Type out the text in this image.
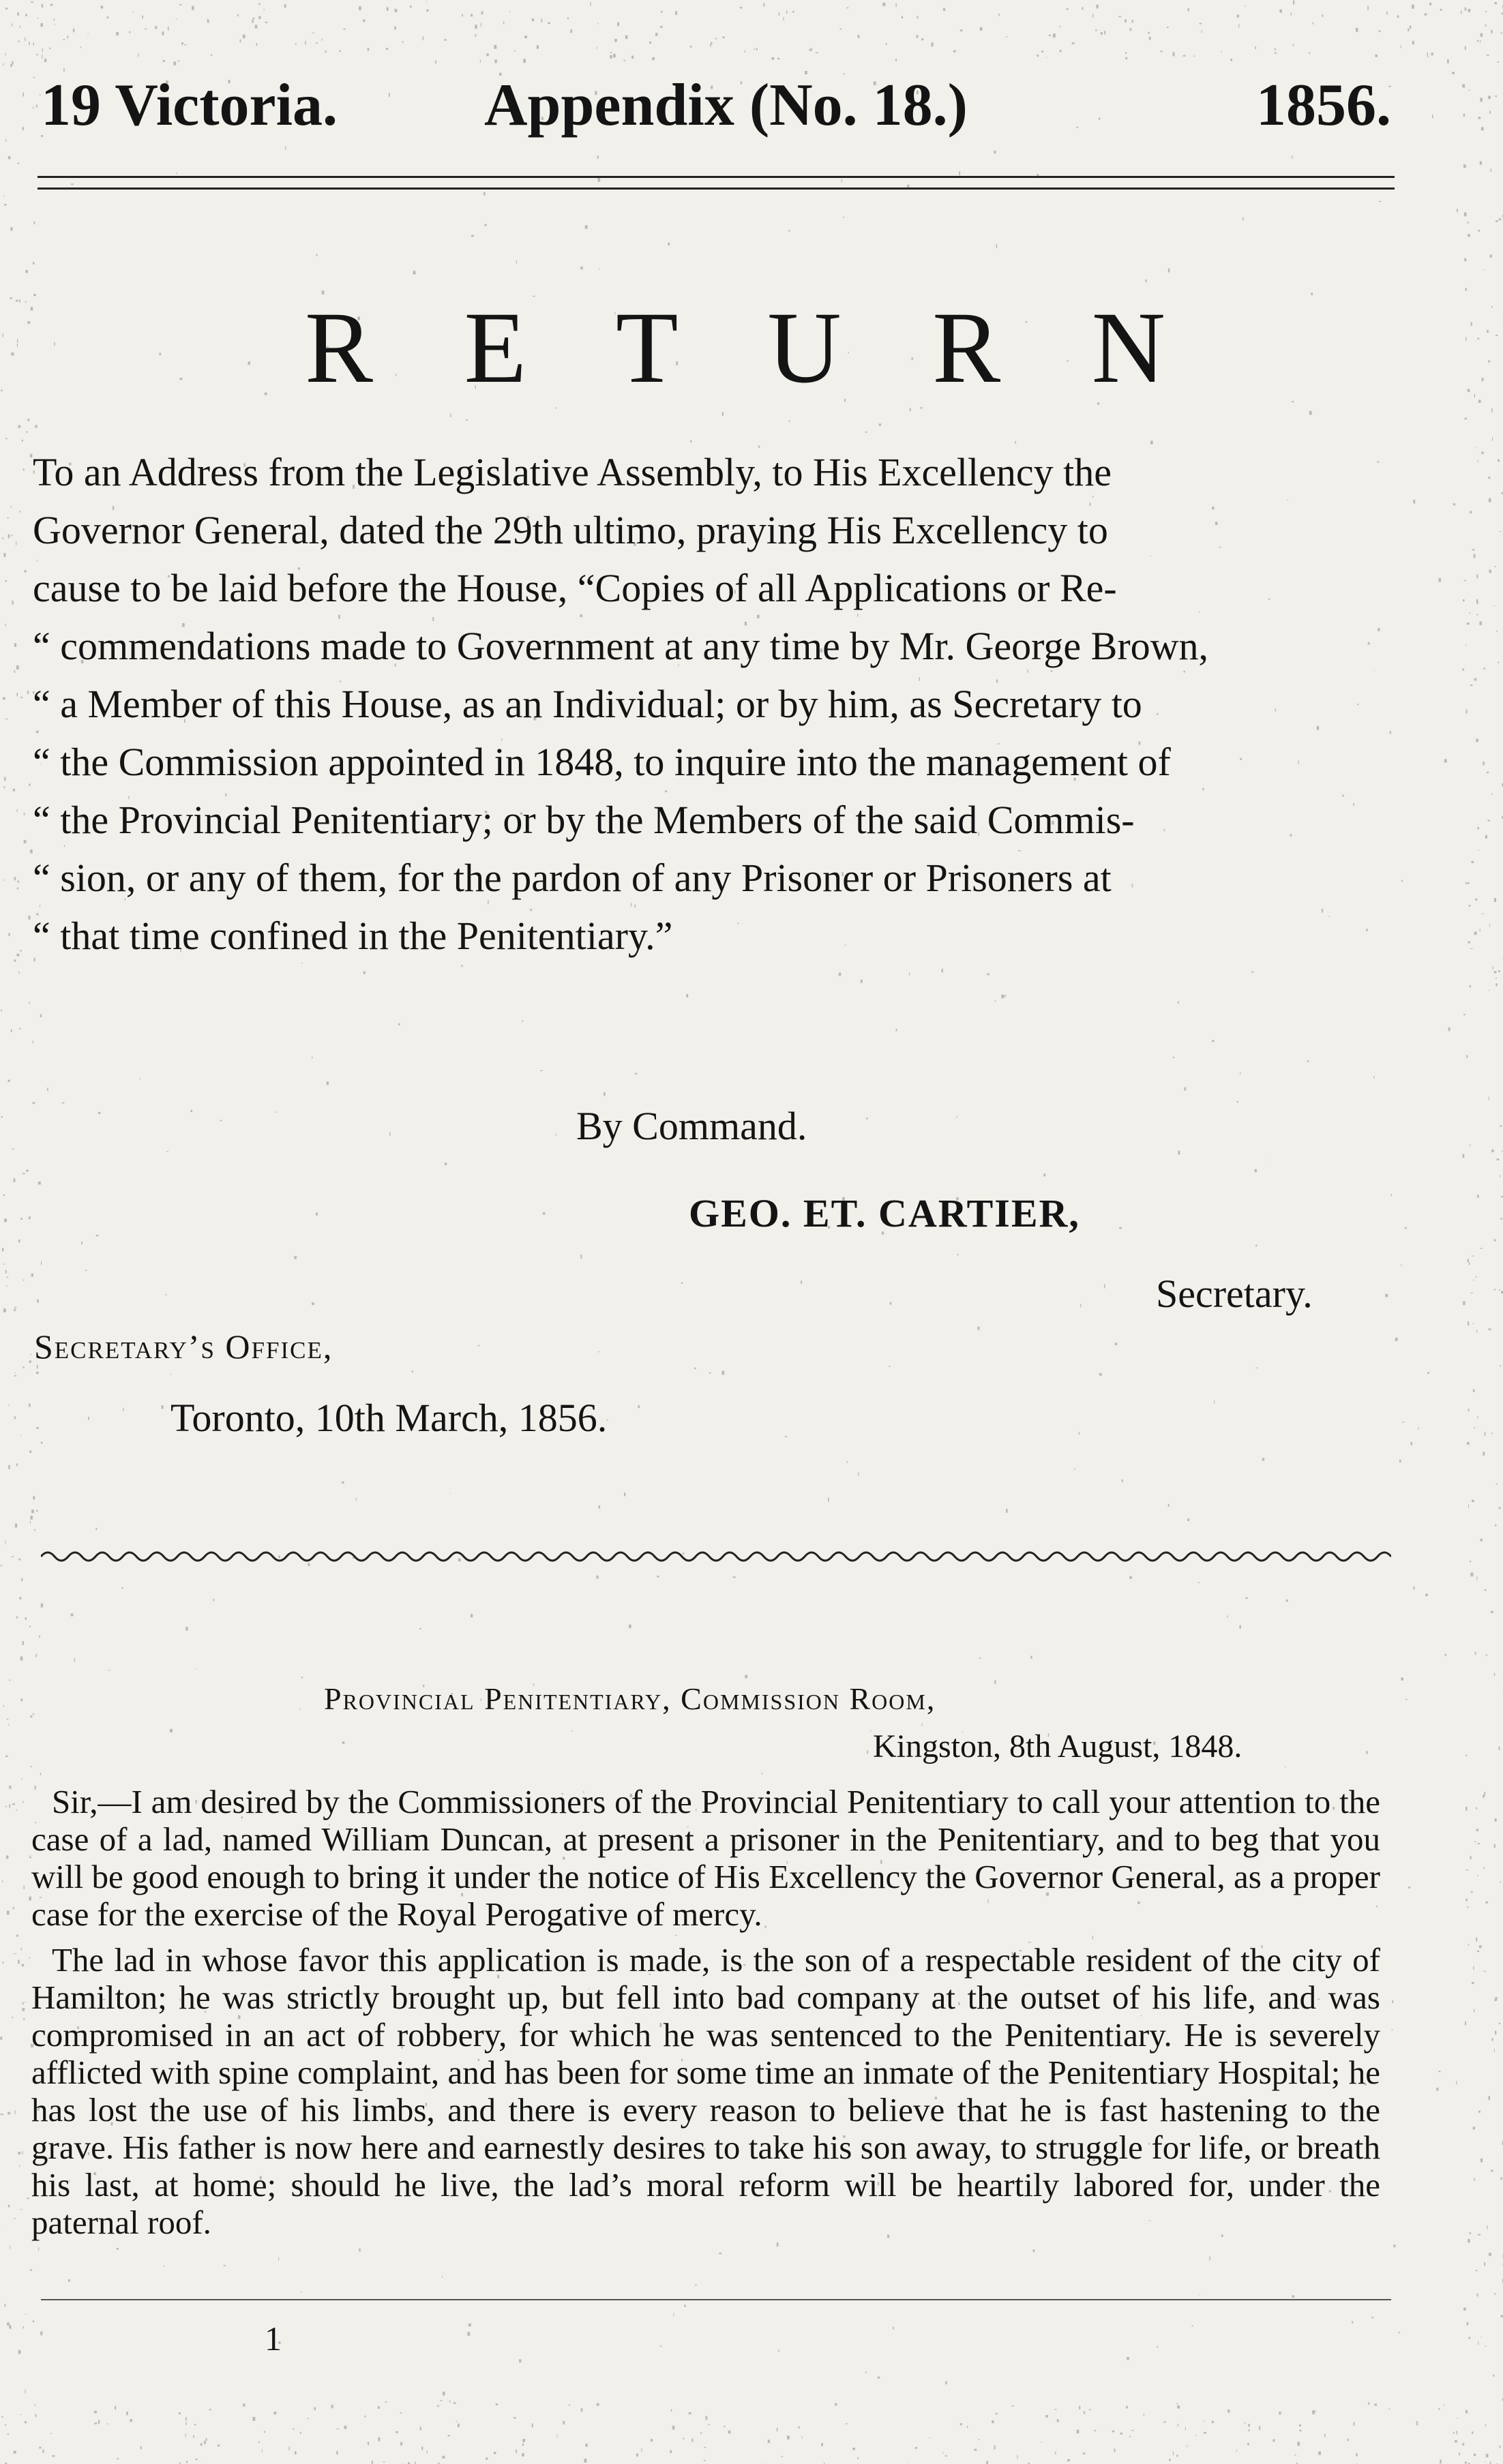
19 Victoria. Appendix (No. 18.)	1856.
R E T U R N

To an Address from the Legislative Assembly, to His Excellency the

Governor General, dated the 29th ultimo, praying His Excellency to

cause to be laid before the House, “Copies of all Applications or Re-

“ commendations made to Government at any time by Mr. George Brown,

“ a Member of this House, as an Individual; or by him, as Secretary to

“ the Commission appointed in 1848, to inquire into the management of

“ the Provincial Penitentiary; or by the Members of the said Commis-

“ sion, or any of them, for the pardon of any Prisoner or Prisoners at

“ that time confined in the Penitentiary.”

By Command.
GEO. ET. CARTIER,
Secretary.
Secretary’s Office,
Toronto, 10th March, 1856.
Provincial Penitentiary, Commission Room,
Kingston, 8th August, 1848.

Sir,—I am desired by the Commissioners of the Provincial Penitentiary to call your attention to the case of a lad, named William Duncan, at present a prisoner in the Penitentiary, and to beg that you will be good enough to bring it under the notice of His Excellency the Governor General, as a proper case for the exercise of the Royal Perogative of mercy.

The lad in whose favor this application is made, is the son of a respectable resident of the city of Hamilton; he was strictly brought up, but fell into bad company at the outset of his life, and was compromised in an act of robbery, for which he was sentenced to the Penitentiary. He is severely afflicted with spine complaint, and has been for some time an inmate of the Penitentiary Hospital; he has lost the use of his limbs, and there is every reason to believe that he is fast hastening to the grave. His father is now here and earnestly desires to take his son away, to struggle for life, or breath his last, at home; should he live, the lad’s moral reform will be heartily labored for, under the paternal roof.

1
